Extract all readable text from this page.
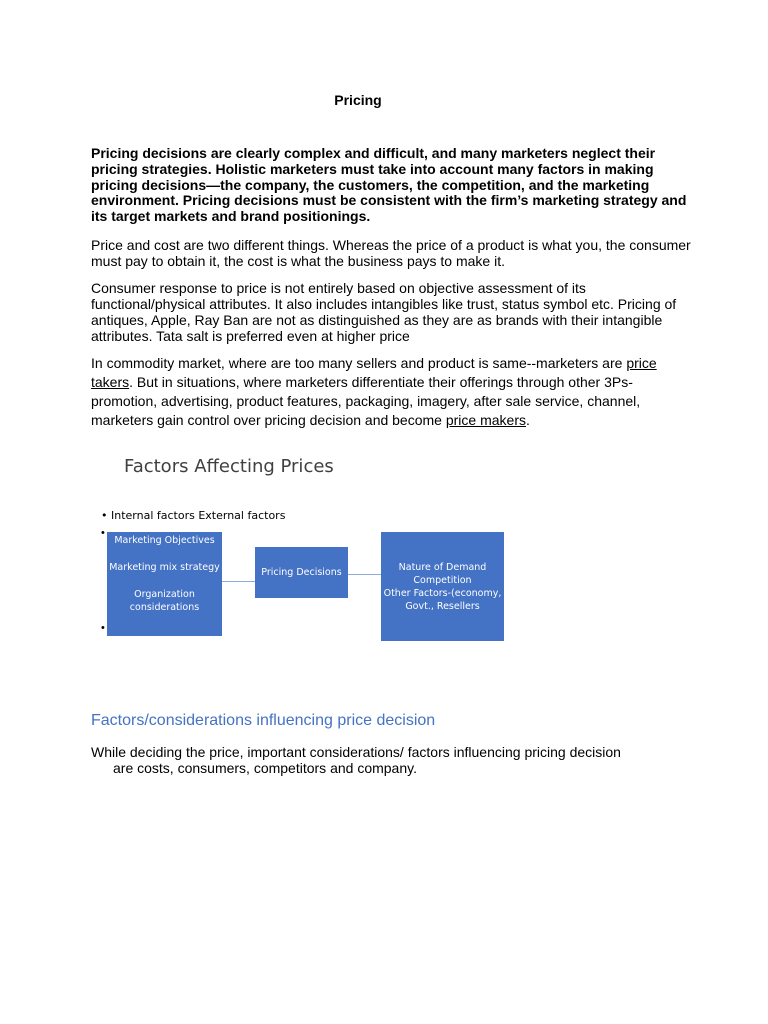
Pricing
Pricing decisions are clearly complex and difficult, and many marketers neglect their pricing strategies. Holistic marketers must take into account many factors in making pricing decisions—the company, the customers, the competition, and the marketing environment. Pricing decisions must be consistent with the firm’s marketing strategy and its target markets and brand positionings.
Price and cost are two different things. Whereas the price of a product is what you, the consumer must pay to obtain it, the cost is what the business pays to make it.
Consumer response to price is not entirely based on objective assessment of its functional/physical attributes. It also includes intangibles like trust, status symbol etc. Pricing of antiques, Apple, Ray Ban are not as distinguished as they are as brands with their intangible attributes. Tata salt is preferred even at higher price
In commodity market, where are too many sellers and product is same--marketers are price takers. But in situations, where marketers differentiate their offerings through other 3Ps-promotion, advertising, product features, packaging, imagery, after sale service, channel, marketers gain control over pricing decision and become price makers.
Factors Affecting Prices
• Internal factors External factors
•
•
Marketing Objectives
Marketing mix strategy
Organization
considerations
Pricing Decisions	Nature of Demand
Competition
Other Factors-(economy,
Govt., Resellers
Factors/considerations influencing price decision
While deciding the price, important considerations/ factors influencing pricing decision
are costs, consumers, competitors and company.
